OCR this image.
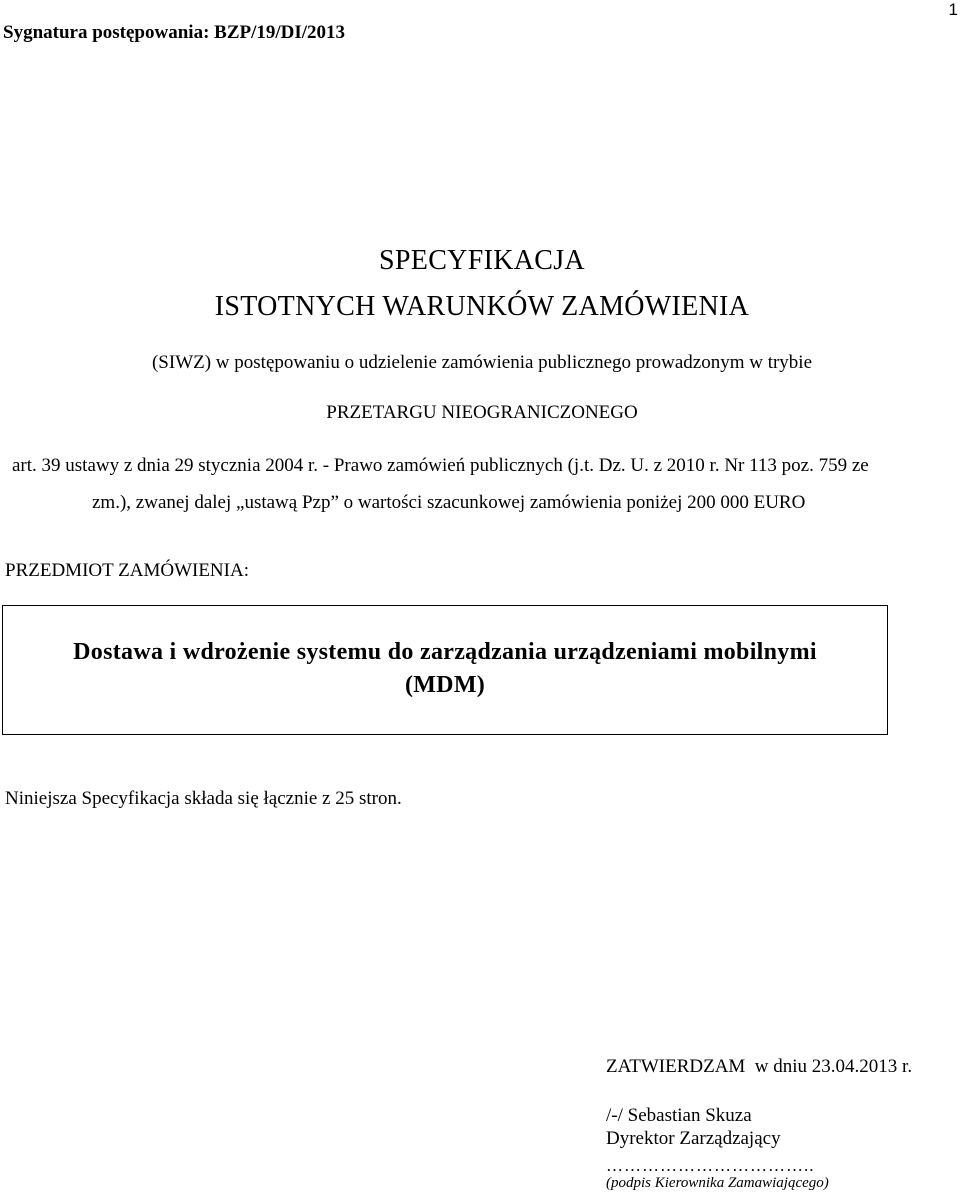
1
Sygnatura postępowania: BZP/19/DI/2013
SPECYFIKACJA
ISTOTNYCH WARUNKÓW ZAMÓWIENIA
(SIWZ) w postępowaniu o udzielenie zamówienia publicznego prowadzonym w trybie
PRZETARGU NIEOGRANICZONEGO
art. 39 ustawy z dnia 29 stycznia 2004 r. - Prawo zamówień publicznych (j.t. Dz. U. z 2010 r. Nr 113 poz. 759 ze
zm.), zwanej dalej „ustawą Pzp” o wartości szacunkowej zamówienia poniżej 200 000 EURO
PRZEDMIOT ZAMÓWIENIA:
Dostawa i wdrożenie systemu do zarządzania urządzeniami mobilnymi
(MDM)
Niniejsza Specyfikacja składa się łącznie z 25 stron.
ZATWIERDZAM  w dniu 23.04.2013 r.
/-/ Sebastian Skuza
Dyrektor Zarządzający
……………………………..
(podpis Kierownika Zamawiającego)
